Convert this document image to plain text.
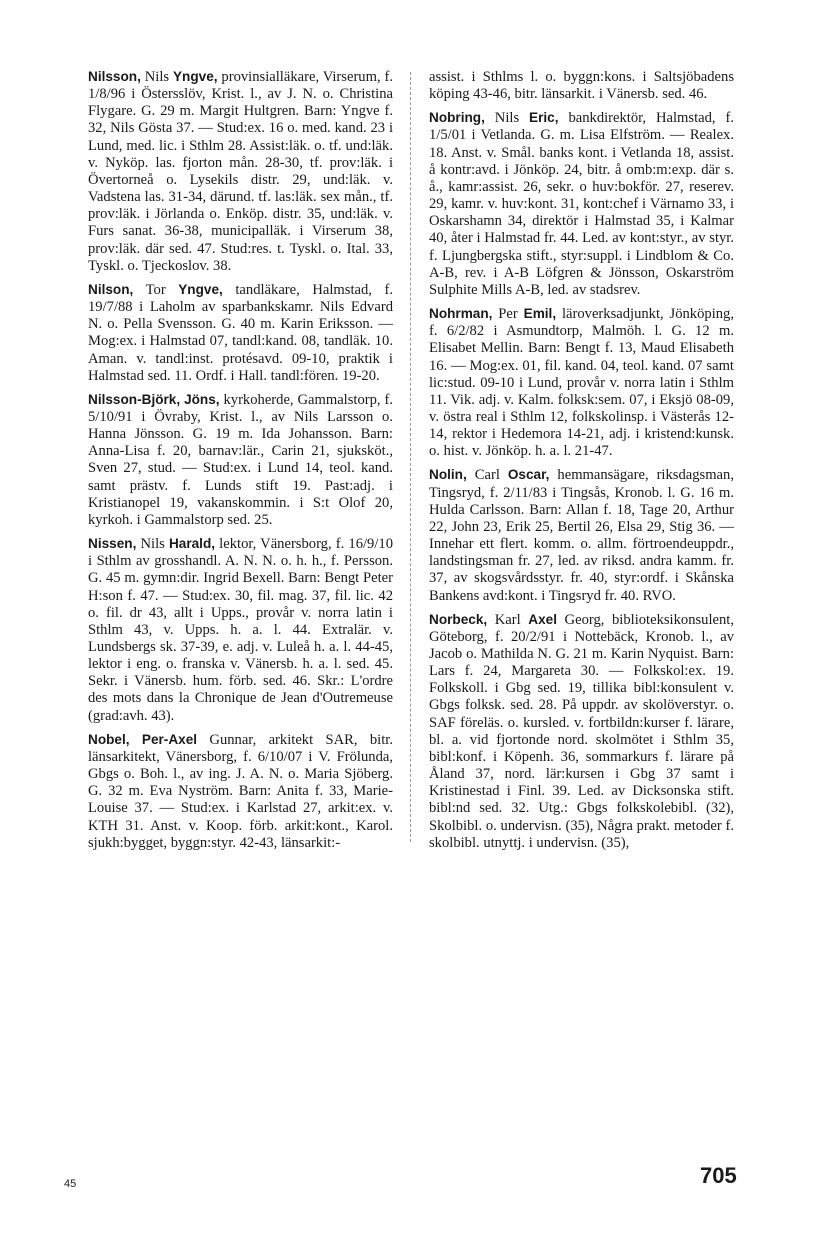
Nilsson, Nils Yngve, provinsialläkare, Virserum, f. 1/8/96 i Östersslöv, Krist. l., av J. N. o. Christina Flygare. G. 29 m. Margit Hultgren. Barn: Yngve f. 32, Nils Gösta 37. — Stud:ex. 16 o. med. kand. 23 i Lund, med. lic. i Sthlm 28. Assist:läk. o. tf. und:läk. v. Nyköp. las. fjorton mån. 28-30, tf. prov:läk. i Övertorneå o. Lysekils distr. 29, und:läk. v. Vadstena las. 31-34, därund. tf. las:läk. sex mån., tf. prov:läk. i Jörlanda o. Enköp. distr. 35, und:läk. v. Furs sanat. 36-38, municipalläk. i Virserum 38, prov:läk. där sed. 47. Stud:res. t. Tyskl. o. Ital. 33, Tyskl. o. Tjeckoslov. 38.

Nilson, Tor Yngve, tandläkare, Halmstad, f. 19/7/88 i Laholm av sparbankskamr. Nils Edvard N. o. Pella Svensson. G. 40 m. Karin Eriksson. — Mog:ex. i Halmstad 07, tandl:kand. 08, tandläk. 10. Aman. v. tandl:inst. protésavd. 09-10, praktik i Halmstad sed. 11. Ordf. i Hall. tandl:fören. 19-20.

Nilsson-Björk, Jöns, kyrkoherde, Gammalstorp, f. 5/10/91 i Övraby, Krist. l., av Nils Larsson o. Hanna Jönsson. G. 19 m. Ida Johansson. Barn: Anna-Lisa f. 20, barnav:lär., Carin 21, sjuksköt., Sven 27, stud. — Stud:ex. i Lund 14, teol. kand. samt prästv. f. Lunds stift 19. Past:adj. i Kristianopel 19, vakanskommin. i S:t Olof 20, kyrkoh. i Gammalstorp sed. 25.

Nissen, Nils Harald, lektor, Vänersborg, f. 16/9/10 i Sthlm av grosshandl. A. N. N. o. h. h., f. Persson. G. 45 m. gymn:dir. Ingrid Bexell. Barn: Bengt Peter H:son f. 47. — Stud:ex. 30, fil. mag. 37, fil. lic. 42 o. fil. dr 43, allt i Upps., provår v. norra latin i Sthlm 43, v. Upps. h. a. l. 44. Extralär. v. Lundsbergs sk. 37-39, e. adj. v. Luleå h. a. l. 44-45, lektor i eng. o. franska v. Vänersb. h. a. l. sed. 45. Sekr. i Vänersb. hum. förb. sed. 46. Skr.: L'ordre des mots dans la Chronique de Jean d'Outremeuse (grad:avh. 43).

Nobel, Per-Axel Gunnar, arkitekt SAR, bitr. länsarkitekt, Vänersborg, f. 6/10/07 i V. Frölunda, Gbgs o. Boh. l., av ing. J. A. N. o. Maria Sjöberg. G. 32 m. Eva Nyström. Barn: Anita f. 33, Marie-Louise 37. — Stud:ex. i Karlstad 27, arkit:ex. v. KTH 31. Anst. v. Koop. förb. arkit:kont., Karol. sjukh:bygget, byggn:styr. 42-43, länsarkit:-

assist. i Sthlms l. o. byggn:kons. i Saltsjöbadens köping 43-46, bitr. länsarkit. i Vänersb. sed. 46.

Nobring, Nils Eric, bankdirektör, Halmstad, f. 1/5/01 i Vetlanda. G. m. Lisa Elfström. — Realex. 18. Anst. v. Smål. banks kont. i Vetlanda 18, assist. å kontr:avd. i Jönköp. 24, bitr. å omb:m:exp. där s. å., kamr:assist. 26, sekr. o huv:bokför. 27, reserev. 29, kamr. v. huv:kont. 31, kont:chef i Värnamo 33, i Oskarshamn 34, direktör i Halmstad 35, i Kalmar 40, åter i Halmstad fr. 44. Led. av kont:styr., av styr. f. Ljungbergska stift., styr:suppl. i Lindblom & Co. A-B, rev. i A-B Löfgren & Jönsson, Oskarström Sulphite Mills A-B, led. av stadsrev.

Nohrman, Per Emil, läroverksadjunkt, Jönköping, f. 6/2/82 i Asmundtorp, Malmöh. l. G. 12 m. Elisabet Mellin. Barn: Bengt f. 13, Maud Elisabeth 16. — Mog:ex. 01, fil. kand. 04, teol. kand. 07 samt lic:stud. 09-10 i Lund, provår v. norra latin i Sthlm 11. Vik. adj. v. Kalm. folksk:sem. 07, i Eksjö 08-09, v. östra real i Sthlm 12, folkskolinsp. i Västerås 12-14, rektor i Hedemora 14-21, adj. i kristend:kunsk. o. hist. v. Jönköp. h. a. l. 21-47.

Nolin, Carl Oscar, hemmansägare, riksdagsman, Tingsryd, f. 2/11/83 i Tingsås, Kronob. l. G. 16 m. Hulda Carlsson. Barn: Allan f. 18, Tage 20, Arthur 22, John 23, Erik 25, Bertil 26, Elsa 29, Stig 36. — Innehar ett flert. komm. o. allm. förtroendeuppdr., landstingsman fr. 27, led. av riksd. andra kamm. fr. 37, av skogsvårdsstyr. fr. 40, styr:ordf. i Skånska Bankens avd:kont. i Tingsryd fr. 40. RVO.

Norbeck, Karl Axel Georg, biblioteksikonsulent, Göteborg, f. 20/2/91 i Nottebäck, Kronob. l., av Jacob o. Mathilda N. G. 21 m. Karin Nyquist. Barn: Lars f. 24, Margareta 30. — Folkskol:ex. 19. Folkskoll. i Gbg sed. 19, tillika bibl:konsulent v. Gbgs folksk. sed. 28. På uppdr. av skolöverstyr. o. SAF föreläs. o. kursled. v. fortbildn:kurser f. lärare, bl. a. vid fjortonde nord. skolmötet i Sthlm 35, bibl:konf. i Köpenh. 36, sommarkurs f. lärare på Åland 37, nord. lär:kursen i Gbg 37 samt i Kristinestad i Finl. 39. Led. av Dicksonska stift. bibl:nd sed. 32. Utg.: Gbgs folkskolebibl. (32), Skolbibl. o. undervisn. (35), Några prakt. metoder f. skolbibl. utnyttj. i undervisn. (35),

45	705
